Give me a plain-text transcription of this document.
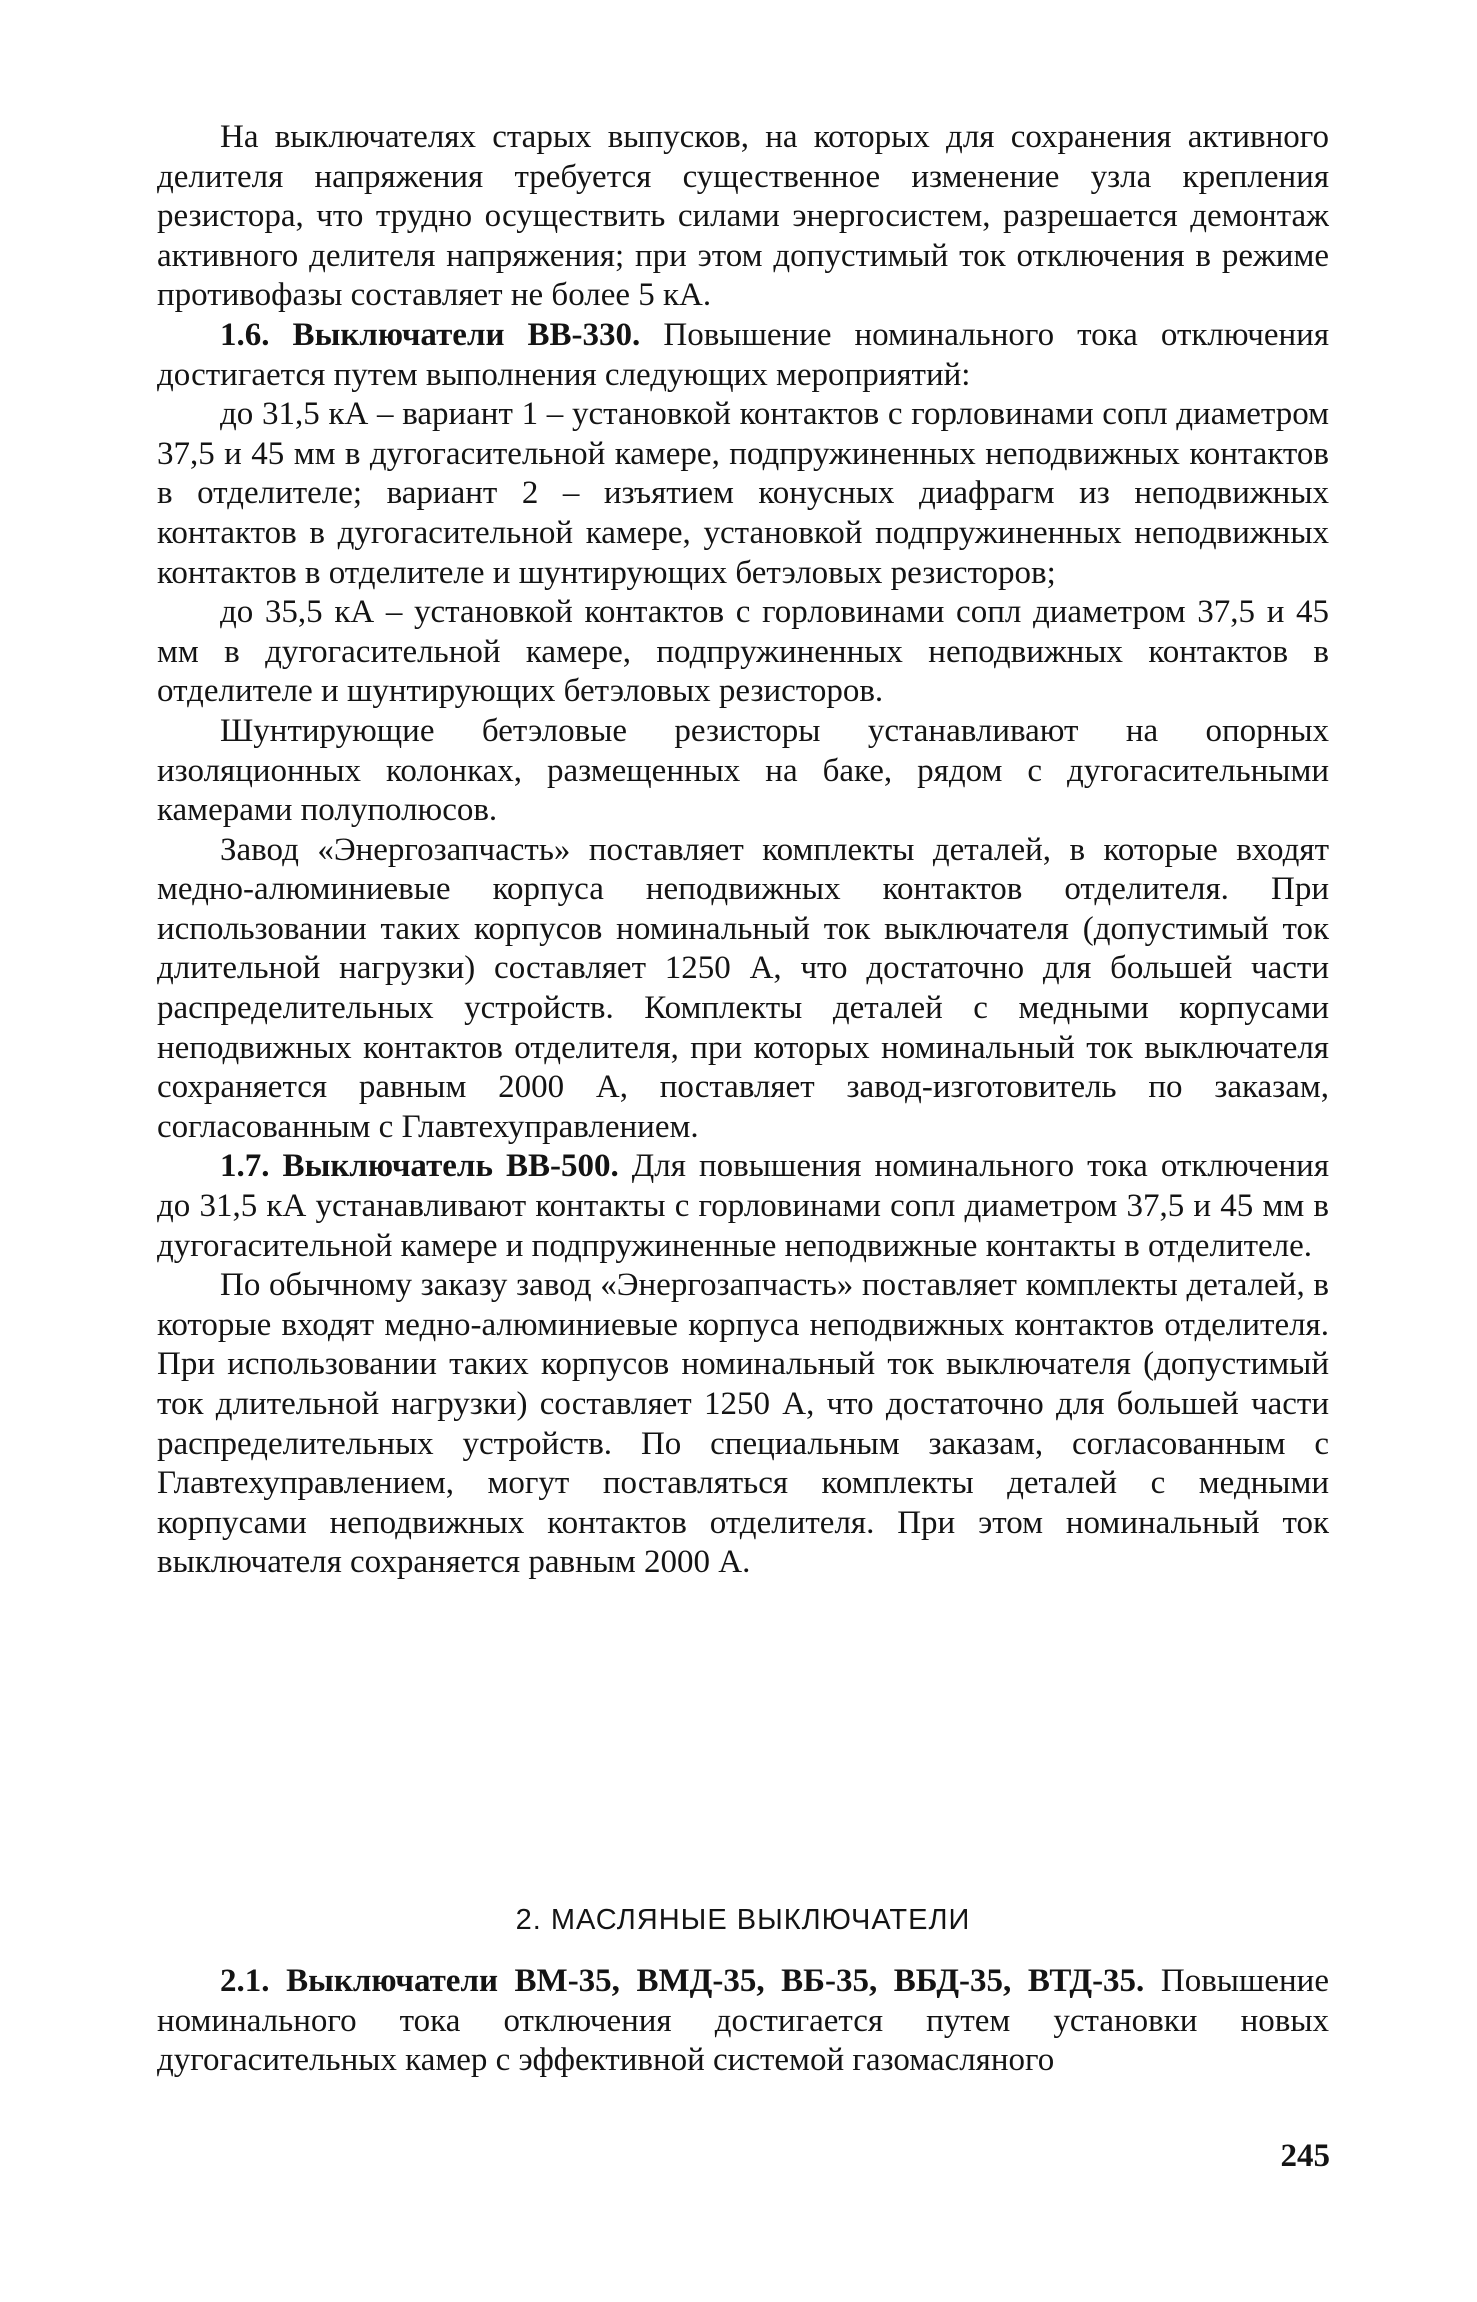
На выключателях старых выпусков, на которых для сохранения активного делителя напряжения требуется существенное изменение узла крепления резистора, что трудно осуществить силами энергосистем, разрешается демонтаж активного делителя напряжения; при этом допустимый ток отключения в режиме противофазы составляет не более 5 кА.

1.6. Выключатели ВВ-330. Повышение номинального тока отключения достигается путем выполнения следующих мероприятий:

до 31,5 кА – вариант 1 – установкой контактов с горловинами сопл диаметром 37,5 и 45 мм в дугогасительной камере, подпружиненных неподвижных контактов в отделителе; вариант 2 – изъятием конусных диафрагм из неподвижных контактов в дугогасительной камере, установкой подпружиненных неподвижных контактов в отделителе и шунтирующих бетэловых резисторов;

до 35,5 кА – установкой контактов с горловинами сопл диаметром 37,5 и 45 мм в дугогасительной камере, подпружиненных неподвижных контактов в отделителе и шунтирующих бетэловых резисторов.

Шунтирующие бетэловые резисторы устанавливают на опорных изоляционных колонках, размещенных на баке, рядом с дугогасительными камерами полуполюсов.

Завод «Энергозапчасть» поставляет комплекты деталей, в которые входят медно-алюминиевые корпуса неподвижных контактов отделителя. При использовании таких корпусов номинальный ток выключателя (допустимый ток длительной нагрузки) составляет 1250 А, что достаточно для большей части распределительных устройств. Комплекты деталей с медными корпусами неподвижных контактов отделителя, при которых номинальный ток выключателя сохраняется равным 2000 А, поставляет завод-изготовитель по заказам, согласованным с Главтехуправлением.

1.7. Выключатель ВВ-500. Для повышения номинального тока отключения до 31,5 кА устанавливают контакты с горловинами сопл диаметром 37,5 и 45 мм в дугогасительной камере и подпружиненные неподвижные контакты в отделителе.

По обычному заказу завод «Энергозапчасть» поставляет комплекты деталей, в которые входят медно-алюминиевые корпуса неподвижных контактов отделителя. При использовании таких корпусов номинальный ток выключателя (допустимый ток длительной нагрузки) составляет 1250 А, что достаточно для большей части распределительных устройств. По специальным заказам, согласованным с Главтехуправлением, могут поставляться комплекты деталей с медными корпусами неподвижных контактов отделителя. При этом номинальный ток выключателя сохраняется равным 2000 А.

2. МАСЛЯНЫЕ ВЫКЛЮЧАТЕЛИ

2.1. Выключатели ВМ-35, ВМД-35, ВБ-35, ВБД-35, ВТД-35. Повышение номинального тока отключения достигается путем установки новых дугогасительных камер с эффективной системой газомасляного

245
